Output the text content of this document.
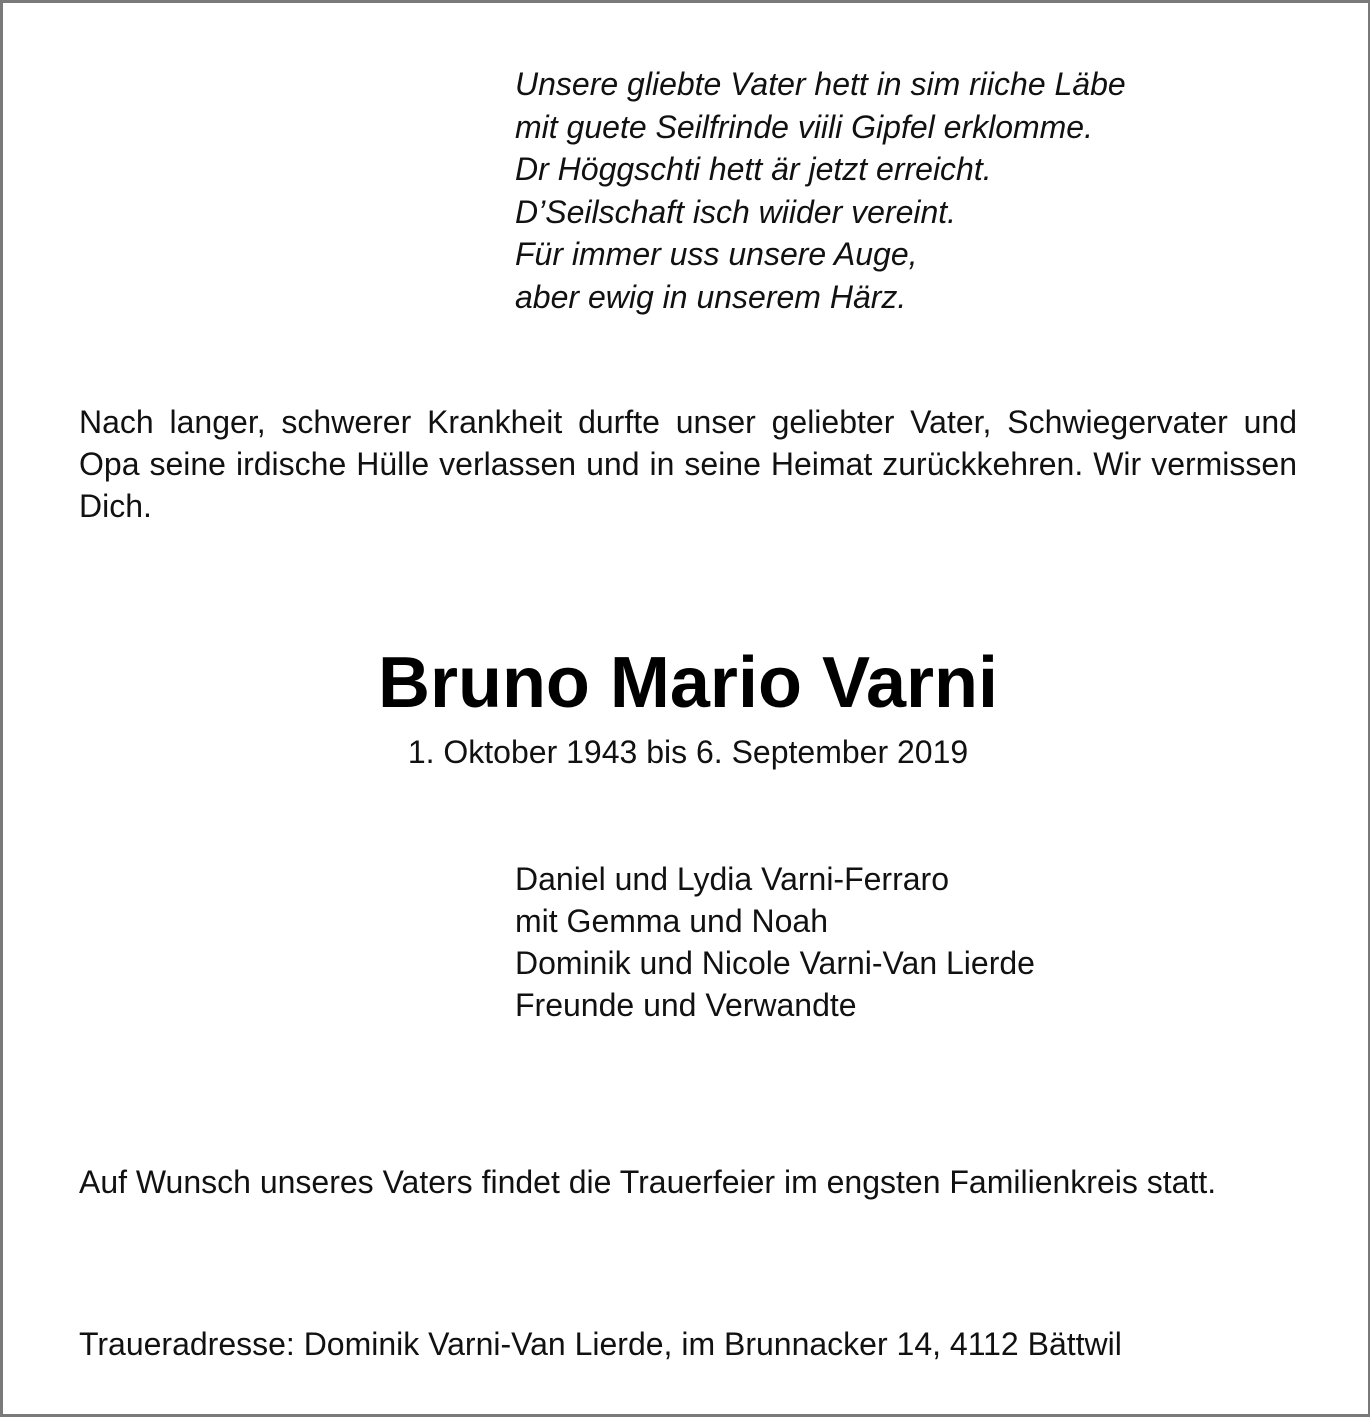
Unsere gliebte Vater hett in sim riiche Läbe
mit guete Seilfrinde viili Gipfel erklomme.
Dr Höggschti hett är jetzt erreicht.
D’Seilschaft isch wiider vereint.
Für immer uss unsere Auge,
aber ewig in unserem Härz.

Nach langer, schwerer Krankheit durfte unser geliebter Vater, Schwiegervater und Opa seine irdische Hülle verlassen und in seine Heimat zurückkehren. Wir vermissen Dich.

Bruno Mario Varni

1. Oktober 1943 bis 6. September 2019

Daniel und Lydia Varni-Ferraro
mit Gemma und Noah
Dominik und Nicole Varni-Van Lierde
Freunde und Verwandte

Auf Wunsch unseres Vaters findet die Trauerfeier im engsten Familienkreis statt.

Traueradresse: Dominik Varni-Van Lierde, im Brunnacker 14, 4112 Bättwil
